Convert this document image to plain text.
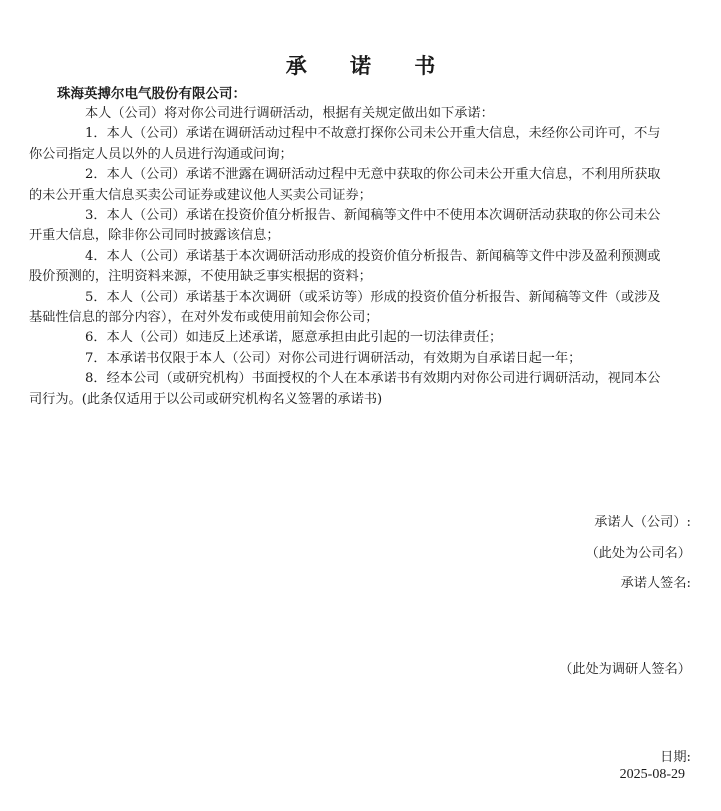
承 诺 书
珠海英搏尔电气股份有限公司：

本人（公司）将对你公司进行调研活动，根据有关规定做出如下承诺：

1．本人（公司）承诺在调研活动过程中不故意打探你公司未公开重大信息，未经你公司许可，不与
你公司指定人员以外的人员进行沟通或问询；

2．本人（公司）承诺不泄露在调研活动过程中无意中获取的你公司未公开重大信息，不利用所获取
的未公开重大信息买卖公司证券或建议他人买卖公司证券；

3．本人（公司）承诺在投资价值分析报告、新闻稿等文件中不使用本次调研活动获取的你公司未公
开重大信息，除非你公司同时披露该信息；

4．本人（公司）承诺基于本次调研活动形成的投资价值分析报告、新闻稿等文件中涉及盈利预测或
股价预测的，注明资料来源，不使用缺乏事实根据的资料；

5．本人（公司）承诺基于本次调研（或采访等）形成的投资价值分析报告、新闻稿等文件（或涉及
基础性信息的部分内容），在对外发布或使用前知会你公司；

6．本人（公司）如违反上述承诺，愿意承担由此引起的一切法律责任；

7．本承诺书仅限于本人（公司）对你公司进行调研活动，有效期为自承诺日起一年；

8．经本公司（或研究机构）书面授权的个人在本承诺书有效期内对你公司进行调研活动，视同本公
司行为。(此条仅适用于以公司或研究机构名义签署的承诺书)

承诺人（公司）:
（此处为公司名）
承诺人签名:
（此处为调研人签名）
日期:
2025-08-29
